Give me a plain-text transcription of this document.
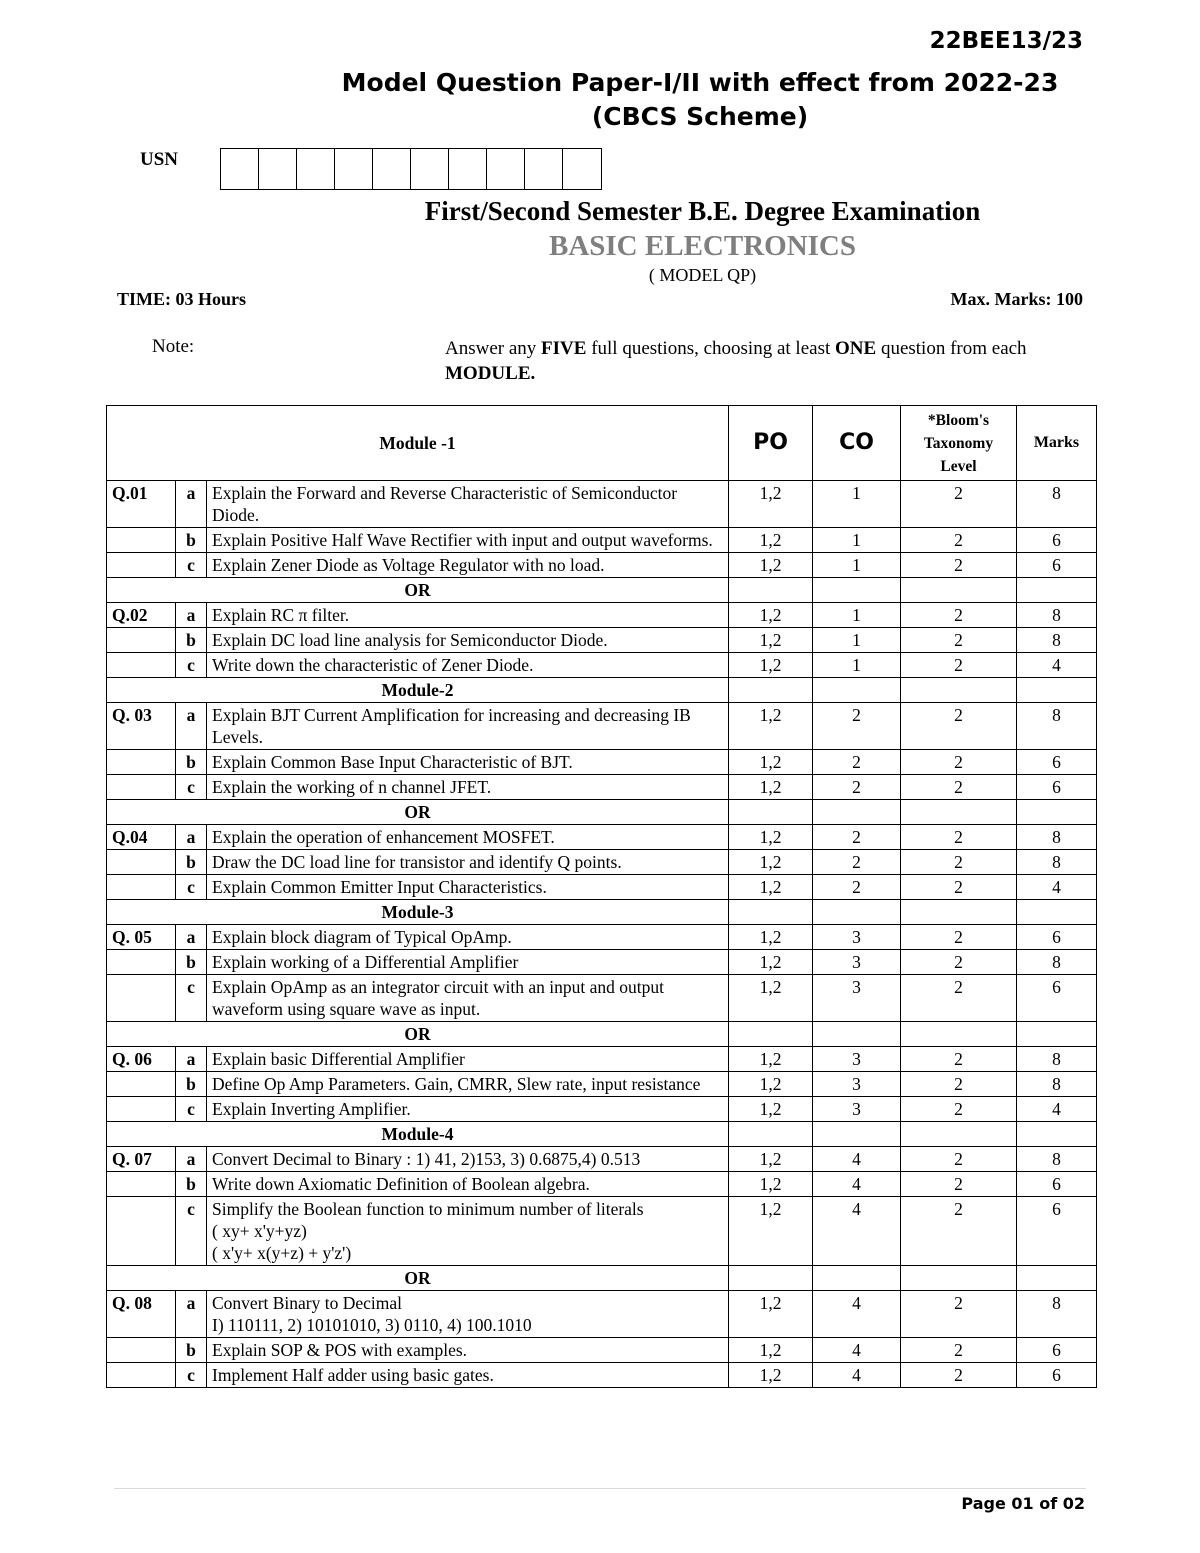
22BEE13/23
Model Question Paper-I/II with effect from 2022-23
(CBCS Scheme)
USN
First/Second Semester B.E. Degree Examination
BASIC ELECTRONICS
( MODEL QP)
TIME: 03 Hours	Max. Marks: 100
Note:	Answer any FIVE full questions, choosing at least ONE question from each MODULE.
Module -1			PO	CO	*Bloom's Taxonomy Level	Marks
Q.01	a	Explain the Forward and Reverse Characteristic of Semiconductor Diode.	1,2	1	2	8
	b	Explain Positive Half Wave Rectifier with input and output waveforms.	1,2	1	2	6
	c	Explain Zener Diode as Voltage Regulator with no load.	1,2	1	2	6
OR						
Q.02	a	Explain RC π filter.	1,2	1	2	8
	b	Explain DC load line analysis for Semiconductor Diode.	1,2	1	2	8
	c	Write down the characteristic of Zener Diode.	1,2	1	2	4
Module-2						
Q. 03	a	Explain BJT Current Amplification for increasing and decreasing IB Levels.	1,2	2	2	8
	b	Explain Common Base Input Characteristic of BJT.	1,2	2	2	6
	c	Explain the working of n channel JFET.	1,2	2	2	6
OR						
Q.04	a	Explain the operation of enhancement MOSFET.	1,2	2	2	8
	b	Draw the DC load line for transistor and identify Q points.	1,2	2	2	8
	c	Explain Common Emitter Input Characteristics.	1,2	2	2	4
Module-3						
Q. 05	a	Explain block diagram of Typical OpAmp.	1,2	3	2	6
	b	Explain working of a Differential Amplifier	1,2	3	2	8
	c	Explain OpAmp as an integrator circuit with an input and output waveform using square wave as input.	1,2	3	2	6
OR						
Q. 06	a	Explain basic Differential Amplifier	1,2	3	2	8
	b	Define Op Amp Parameters. Gain, CMRR, Slew rate, input resistance	1,2	3	2	8
	c	Explain Inverting Amplifier.	1,2	3	2	4
Module-4						
Q. 07	a	Convert Decimal to Binary : 1) 41, 2)153, 3) 0.6875,4) 0.513	1,2	4	2	8
	b	Write down Axiomatic Definition of Boolean algebra.	1,2	4	2	6
	c	Simplify the Boolean function to minimum number of literals
( xy+ x'y+yz)
( x'y+ x(y+z) + y'z')	1,2	4	2	6
OR						
Q. 08	a	Convert Binary to Decimal
I) 110111, 2) 10101010, 3) 0110, 4) 100.1010	1,2	4	2	8
	b	Explain SOP & POS with examples.	1,2	4	2	6
	c	Implement Half adder using basic gates.	1,2	4	2	6
Page 01 of 02
